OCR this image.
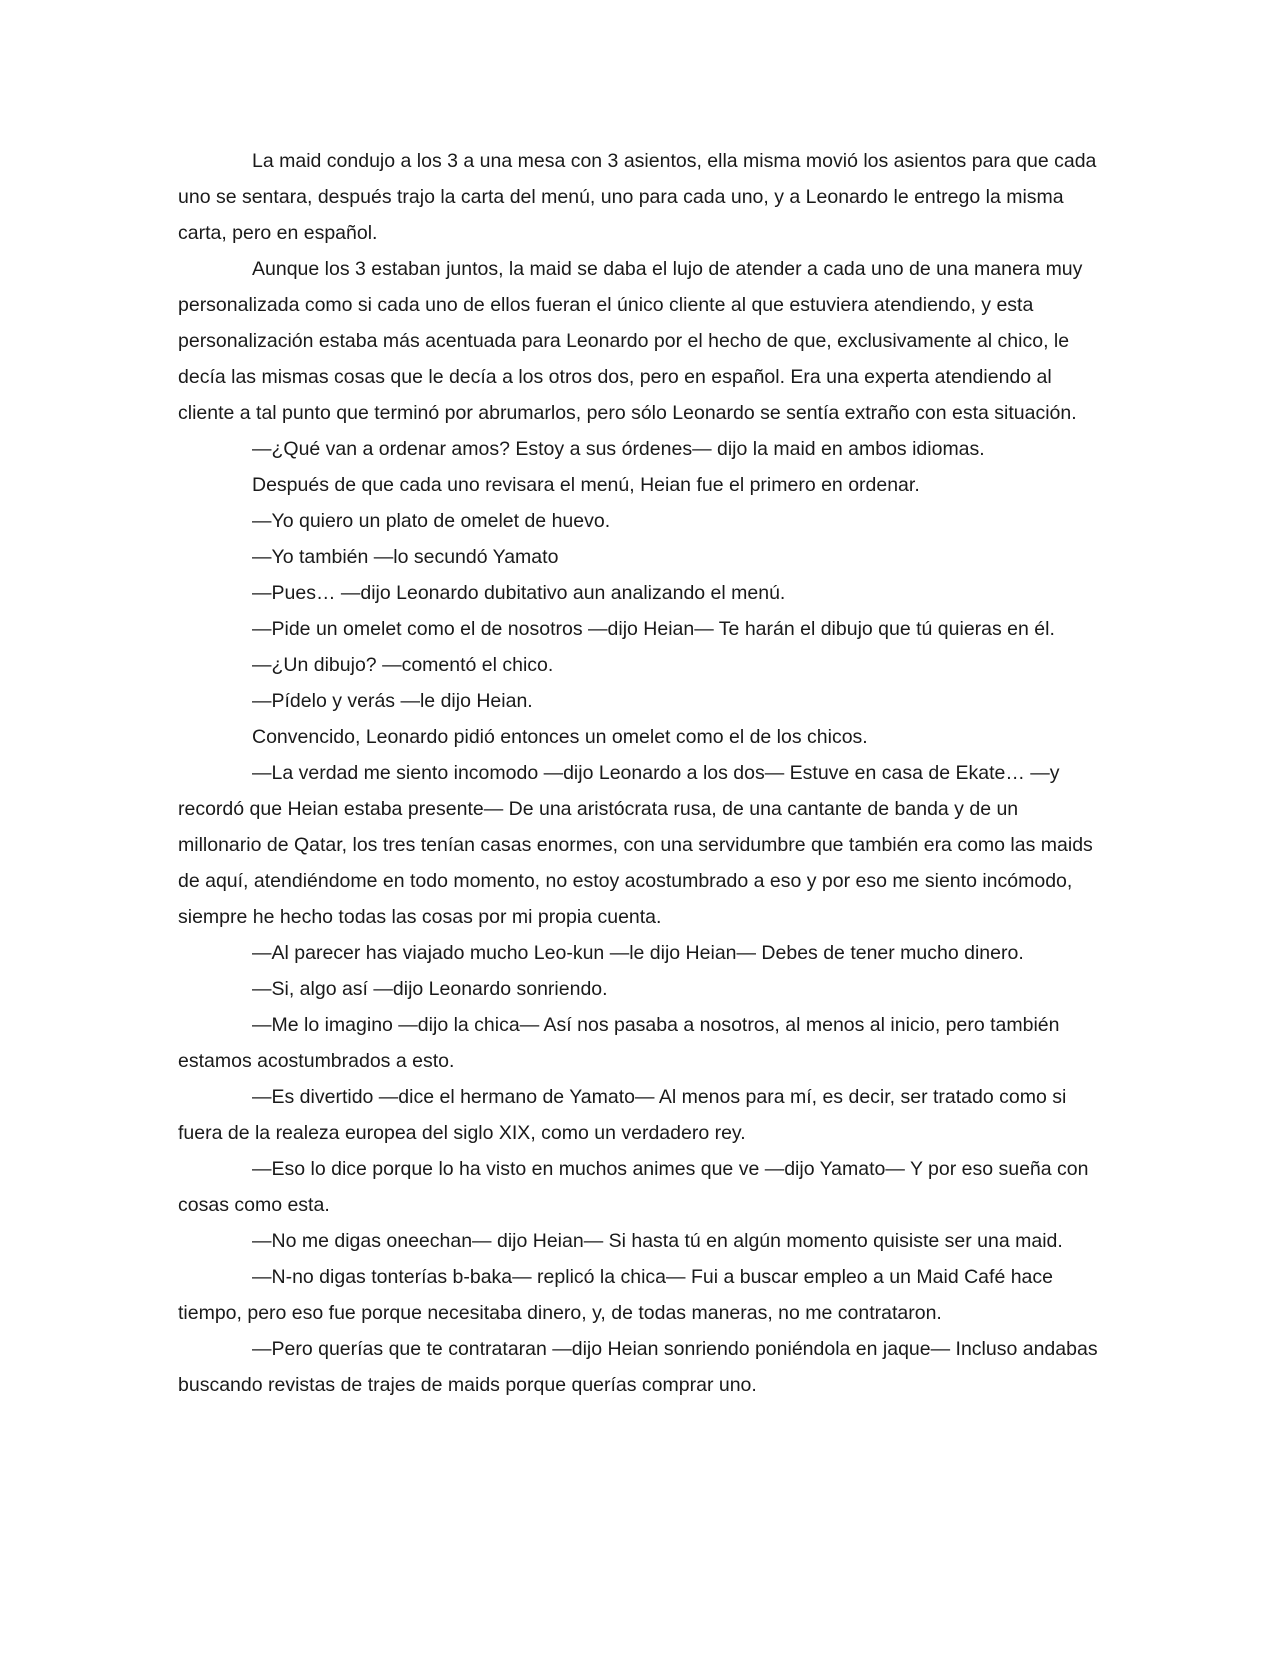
La maid condujo a los 3 a una mesa con 3 asientos, ella misma movió los asientos para que cada uno se sentara, después trajo la carta del menú, uno para cada uno, y a Leonardo le entrego la misma carta, pero en español.

Aunque los 3 estaban juntos, la maid se daba el lujo de atender a cada uno de una manera muy personalizada como si cada uno de ellos fueran el único cliente al que estuviera atendiendo, y esta personalización estaba más acentuada para Leonardo por el hecho de que, exclusivamente al chico, le decía las mismas cosas que le decía a los otros dos, pero en español. Era una experta atendiendo al cliente a tal punto que terminó por abrumarlos, pero sólo Leonardo se sentía extraño con esta situación.

—¿Qué van a ordenar amos? Estoy a sus órdenes— dijo la maid en ambos idiomas.

Después de que cada uno revisara el menú, Heian fue el primero en ordenar.

—Yo quiero un plato de omelet de huevo.

—Yo también —lo secundó Yamato

—Pues… —dijo Leonardo dubitativo aun analizando el menú.

—Pide un omelet como el de nosotros —dijo Heian— Te harán el dibujo que tú quieras en él.

—¿Un dibujo? —comentó el chico.

—Pídelo y verás —le dijo Heian.

Convencido, Leonardo pidió entonces un omelet como el de los chicos.

—La verdad me siento incomodo —dijo Leonardo a los dos— Estuve en casa de Ekate… —y recordó que Heian estaba presente— De una aristócrata rusa, de una cantante de banda y de un millonario de Qatar, los tres tenían casas enormes, con una servidumbre que también era como las maids de aquí, atendiéndome en todo momento, no estoy acostumbrado a eso y por eso me siento incómodo, siempre he hecho todas las cosas por mi propia cuenta.

—Al parecer has viajado mucho Leo-kun —le dijo Heian— Debes de tener mucho dinero.

—Si, algo así —dijo Leonardo sonriendo.

—Me lo imagino —dijo la chica— Así nos pasaba a nosotros, al menos al inicio, pero también estamos acostumbrados a esto.

—Es divertido —dice el hermano de Yamato— Al menos para mí, es decir, ser tratado como si fuera de la realeza europea del siglo XIX, como un verdadero rey.

—Eso lo dice porque lo ha visto en muchos animes que ve —dijo Yamato— Y por eso sueña con cosas como esta.

—No me digas oneechan— dijo Heian— Si hasta tú en algún momento quisiste ser una maid.

—N-no digas tonterías b-baka— replicó la chica— Fui a buscar empleo a un Maid Café hace tiempo, pero eso fue porque necesitaba dinero, y, de todas maneras, no me contrataron.

—Pero querías que te contrataran —dijo Heian sonriendo poniéndola en jaque— Incluso andabas buscando revistas de trajes de maids porque querías comprar uno.
